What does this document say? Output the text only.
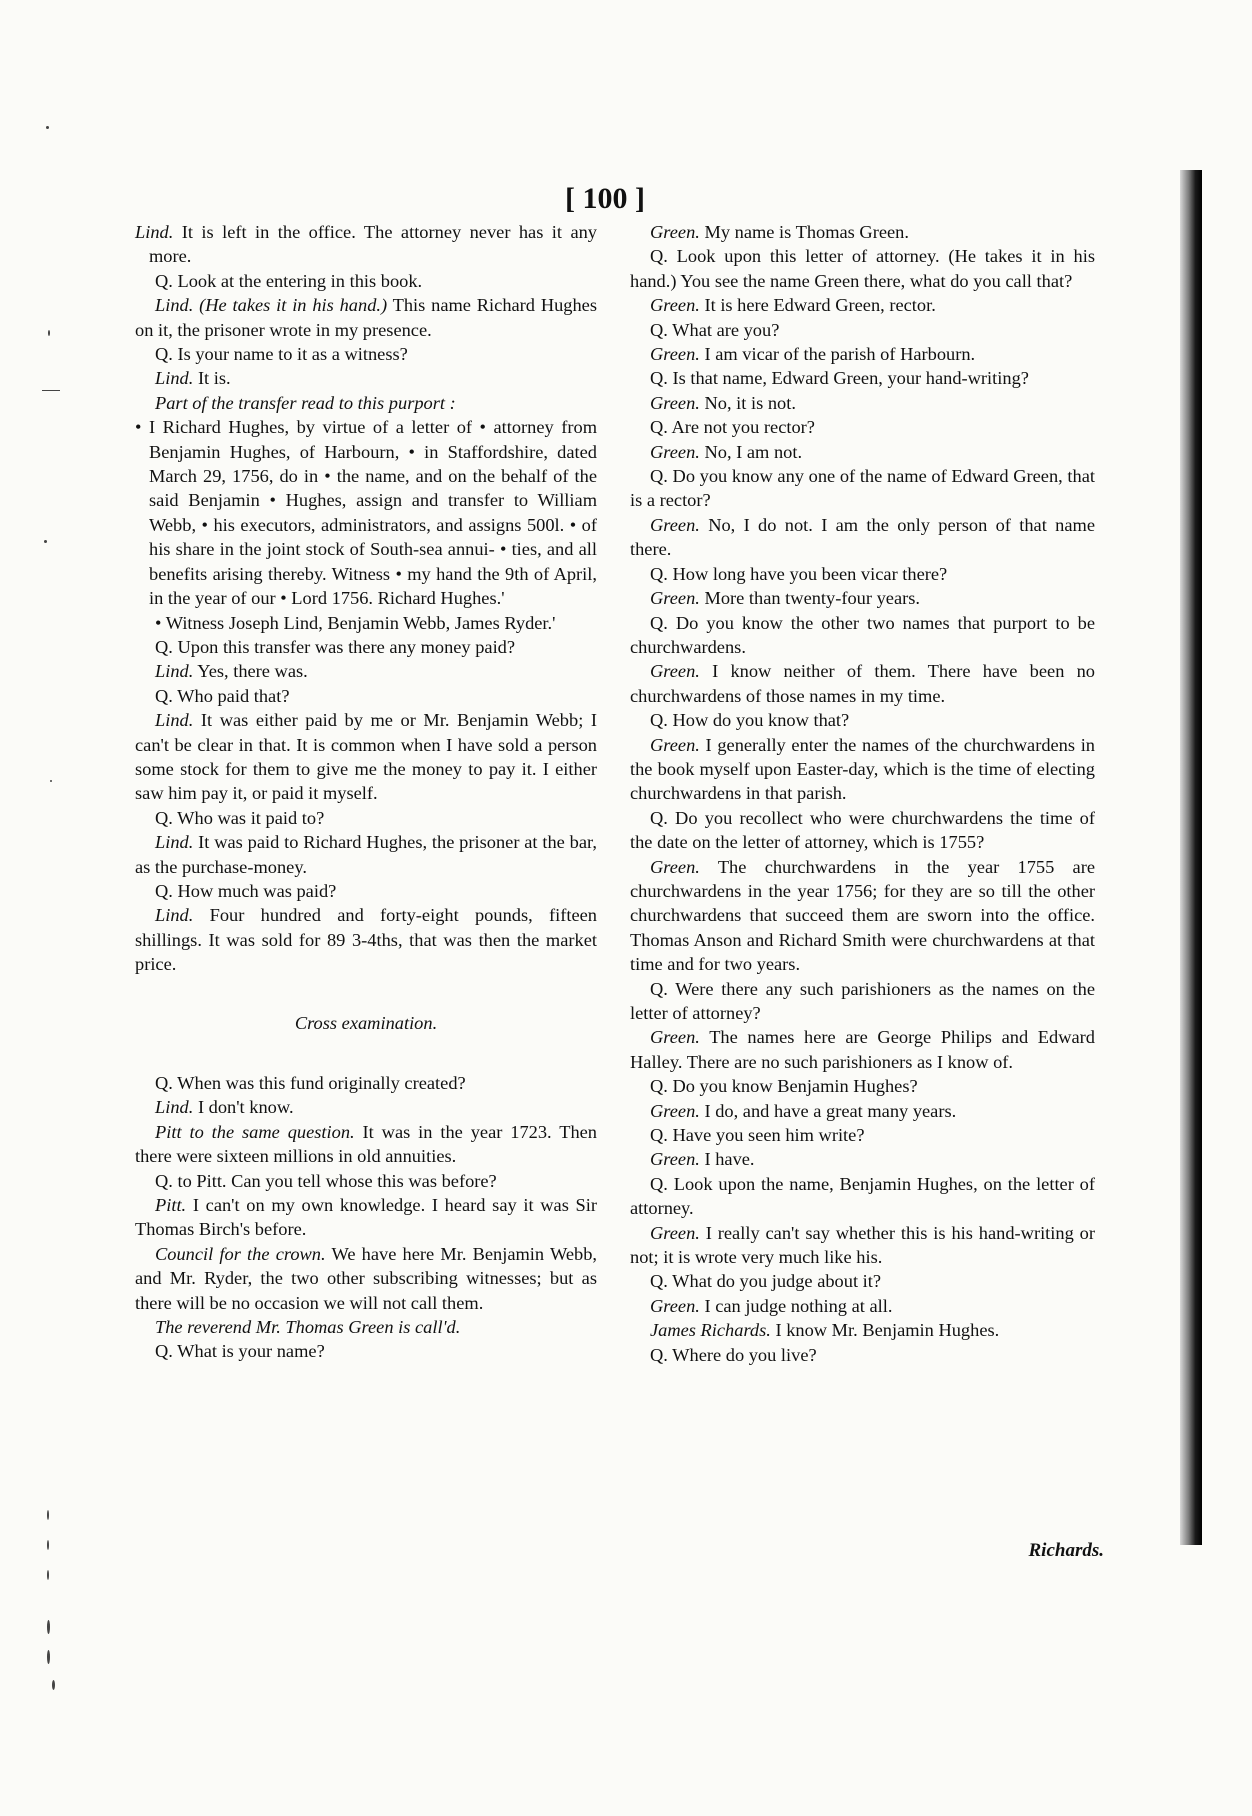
[ 100 ]

Lind. It is left in the office. The attorney never has it any more.

Q. Look at the entering in this book.

Lind. (He takes it in his hand.) This name Richard Hughes on it, the prisoner wrote in my presence.

Q. Is your name to it as a witness?

Lind. It is.

Part of the transfer read to this purport :

• I Richard Hughes, by virtue of a letter of • attorney from Benjamin Hughes, of Harbourn, • in Staffordshire, dated March 29, 1756, do in • the name, and on the behalf of the said Benjamin • Hughes, assign and transfer to William Webb, • his executors, administrators, and assigns 500l. • of his share in the joint stock of South-sea annui- • ties, and all benefits arising thereby. Witness • my hand the 9th of April, in the year of our • Lord 1756. Richard Hughes.'

• Witness Joseph Lind, Benjamin Webb, James Ryder.'

Q. Upon this transfer was there any money paid?

Lind. Yes, there was.

Q. Who paid that?

Lind. It was either paid by me or Mr. Benjamin Webb; I can't be clear in that. It is common when I have sold a person some stock for them to give me the money to pay it. I either saw him pay it, or paid it myself.

Q. Who was it paid to?

Lind. It was paid to Richard Hughes, the prisoner at the bar, as the purchase-money.

Q. How much was paid?

Lind. Four hundred and forty-eight pounds, fifteen shillings. It was sold for 89 3-4ths, that was then the market price.

Cross examination.

Q. When was this fund originally created?

Lind. I don't know.

Pitt to the same question. It was in the year 1723. Then there were sixteen millions in old annuities.

Q. to Pitt. Can you tell whose this was before?

Pitt. I can't on my own knowledge. I heard say it was Sir Thomas Birch's before.

Council for the crown. We have here Mr. Benjamin Webb, and Mr. Ryder, the two other subscribing witnesses; but as there will be no occasion we will not call them.

The reverend Mr. Thomas Green is call'd.

Q. What is your name?

Green. My name is Thomas Green.

Q. Look upon this letter of attorney. (He takes it in his hand.) You see the name Green there, what do you call that?

Green. It is here Edward Green, rector.

Q. What are you?

Green. I am vicar of the parish of Harbourn.

Q. Is that name, Edward Green, your hand-writing?

Green. No, it is not.

Q. Are not you rector?

Green. No, I am not.

Q. Do you know any one of the name of Edward Green, that is a rector?

Green. No, I do not. I am the only person of that name there.

Q. How long have you been vicar there?

Green. More than twenty-four years.

Q. Do you know the other two names that purport to be churchwardens.

Green. I know neither of them. There have been no churchwardens of those names in my time.

Q. How do you know that?

Green. I generally enter the names of the churchwardens in the book myself upon Easter-day, which is the time of electing churchwardens in that parish.

Q. Do you recollect who were churchwardens the time of the date on the letter of attorney, which is 1755?

Green. The churchwardens in the year 1755 are churchwardens in the year 1756; for they are so till the other churchwardens that succeed them are sworn into the office. Thomas Anson and Richard Smith were churchwardens at that time and for two years.

Q. Were there any such parishioners as the names on the letter of attorney?

Green. The names here are George Philips and Edward Halley. There are no such parishioners as I know of.

Q. Do you know Benjamin Hughes?

Green. I do, and have a great many years.

Q. Have you seen him write?

Green. I have.

Q. Look upon the name, Benjamin Hughes, on the letter of attorney.

Green. I really can't say whether this is his hand-writing or not; it is wrote very much like his.

Q. What do you judge about it?

Green. I can judge nothing at all.

James Richards. I know Mr. Benjamin Hughes.

Q. Where do you live?

Richards.
